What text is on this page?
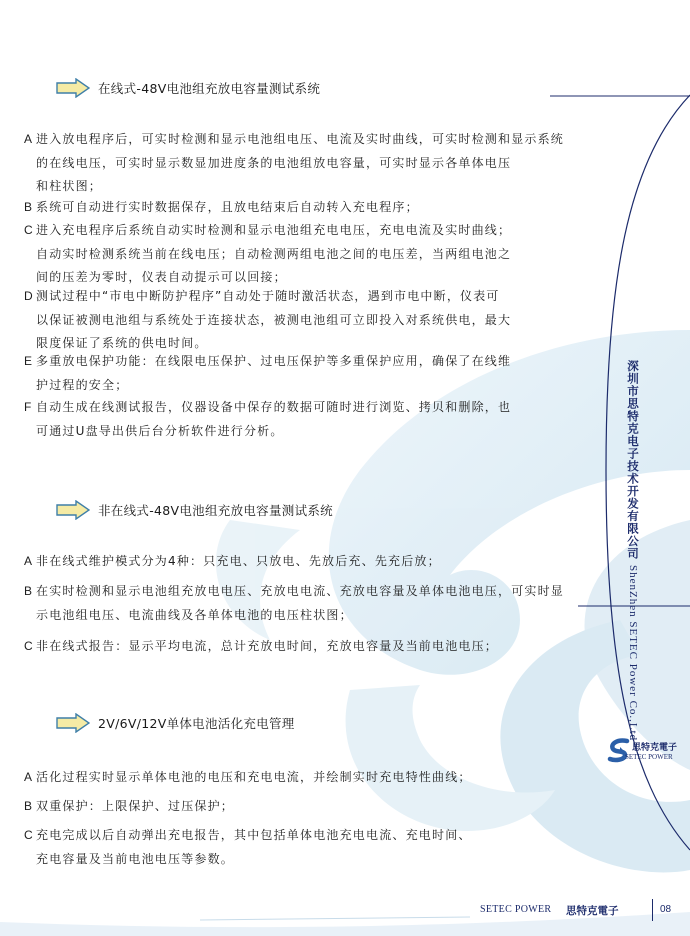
在线式-48V电池组充放电容量测试系统
A 进入放电程序后，可实时检测和显示电池组电压、电流及实时曲线，可实时检测和显示系统
的在线电压，可实时显示数显加进度条的电池组放电容量，可实时显示各单体电压
和柱状图；
B 系统可自动进行实时数据保存，且放电结束后自动转入充电程序；
C 进入充电程序后系统自动实时检测和显示电池组充电电压，充电电流及实时曲线；
自动实时检测系统当前在线电压；自动检测两组电池之间的电压差，当两组电池之
间的压差为零时，仪表自动提示可以回接；
D 测试过程中“市电中断防护程序”自动处于随时激活状态，遇到市电中断，仪表可
以保证被测电池组与系统处于连接状态，被测电池组可立即投入对系统供电，最大
限度保证了系统的供电时间。
E 多重放电保护功能：在线限电压保护、过电压保护等多重保护应用，确保了在线维
护过程的安全；
F 自动生成在线测试报告，仪器设备中保存的数据可随时进行浏览、拷贝和删除，也
可通过U盘导出供后台分析软件进行分析。
非在线式-48V电池组充放电容量测试系统
A 非在线式维护模式分为4种：只充电、只放电、先放后充、先充后放；
B 在实时检测和显示电池组充放电电压、充放电电流、充放电容量及单体电池电压，可实时显
示电池组电压、电流曲线及各单体电池的电压柱状图；
C 非在线式报告：显示平均电流，总计充放电时间，充放电容量及当前电池电压；
2V/6V/12V单体电池活化充电管理
A 活化过程实时显示单体电池的电压和充电电流，并绘制实时充电特性曲线；
B 双重保护：上限保护、过压保护；
C 充电完成以后自动弹出充电报告，其中包括单体电池充电电流、充电时间、
充电容量及当前电池电压等参数。
深圳市思特克电子技术开发有限公司 ShenZhen SETEC Power Co.,Ltd
思特克電子
SETEC POWER
SETEC POWER 思特克電子	08
